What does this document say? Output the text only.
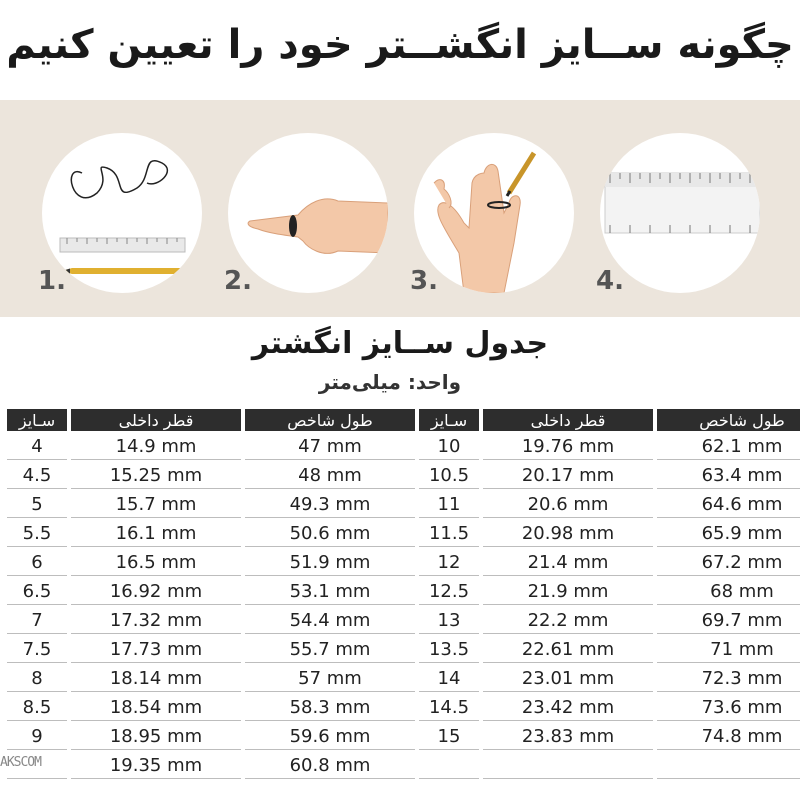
چگونه ســایز انگشــتر خود را تعیین کنیم
1.	2.	3.	4.
جدول ســایز انگشتر
واحد: میلی‌متر
سـایز	قطر داخلی	طول شاخص	سـایز	قطر داخلی	طول شاخص
4	14.9 mm	47 mm	10	19.76 mm	62.1 mm
4.5	15.25 mm	48 mm	10.5	20.17 mm	63.4 mm
5	15.7 mm	49.3 mm	11	20.6 mm	64.6 mm
5.5	16.1 mm	50.6 mm	11.5	20.98 mm	65.9 mm
6	16.5 mm	51.9 mm	12	21.4 mm	67.2 mm
6.5	16.92 mm	53.1 mm	12.5	21.9 mm	68 mm
7	17.32 mm	54.4 mm	13	22.2 mm	69.7 mm
7.5	17.73 mm	55.7 mm	13.5	22.61 mm	71 mm
8	18.14 mm	57 mm	14	23.01 mm	72.3 mm
8.5	18.54 mm	58.3 mm	14.5	23.42 mm	73.6 mm
9	18.95 mm	59.6 mm	15	23.83 mm	74.8 mm
	19.35 mm	60.8 mm			
AKSCOM
